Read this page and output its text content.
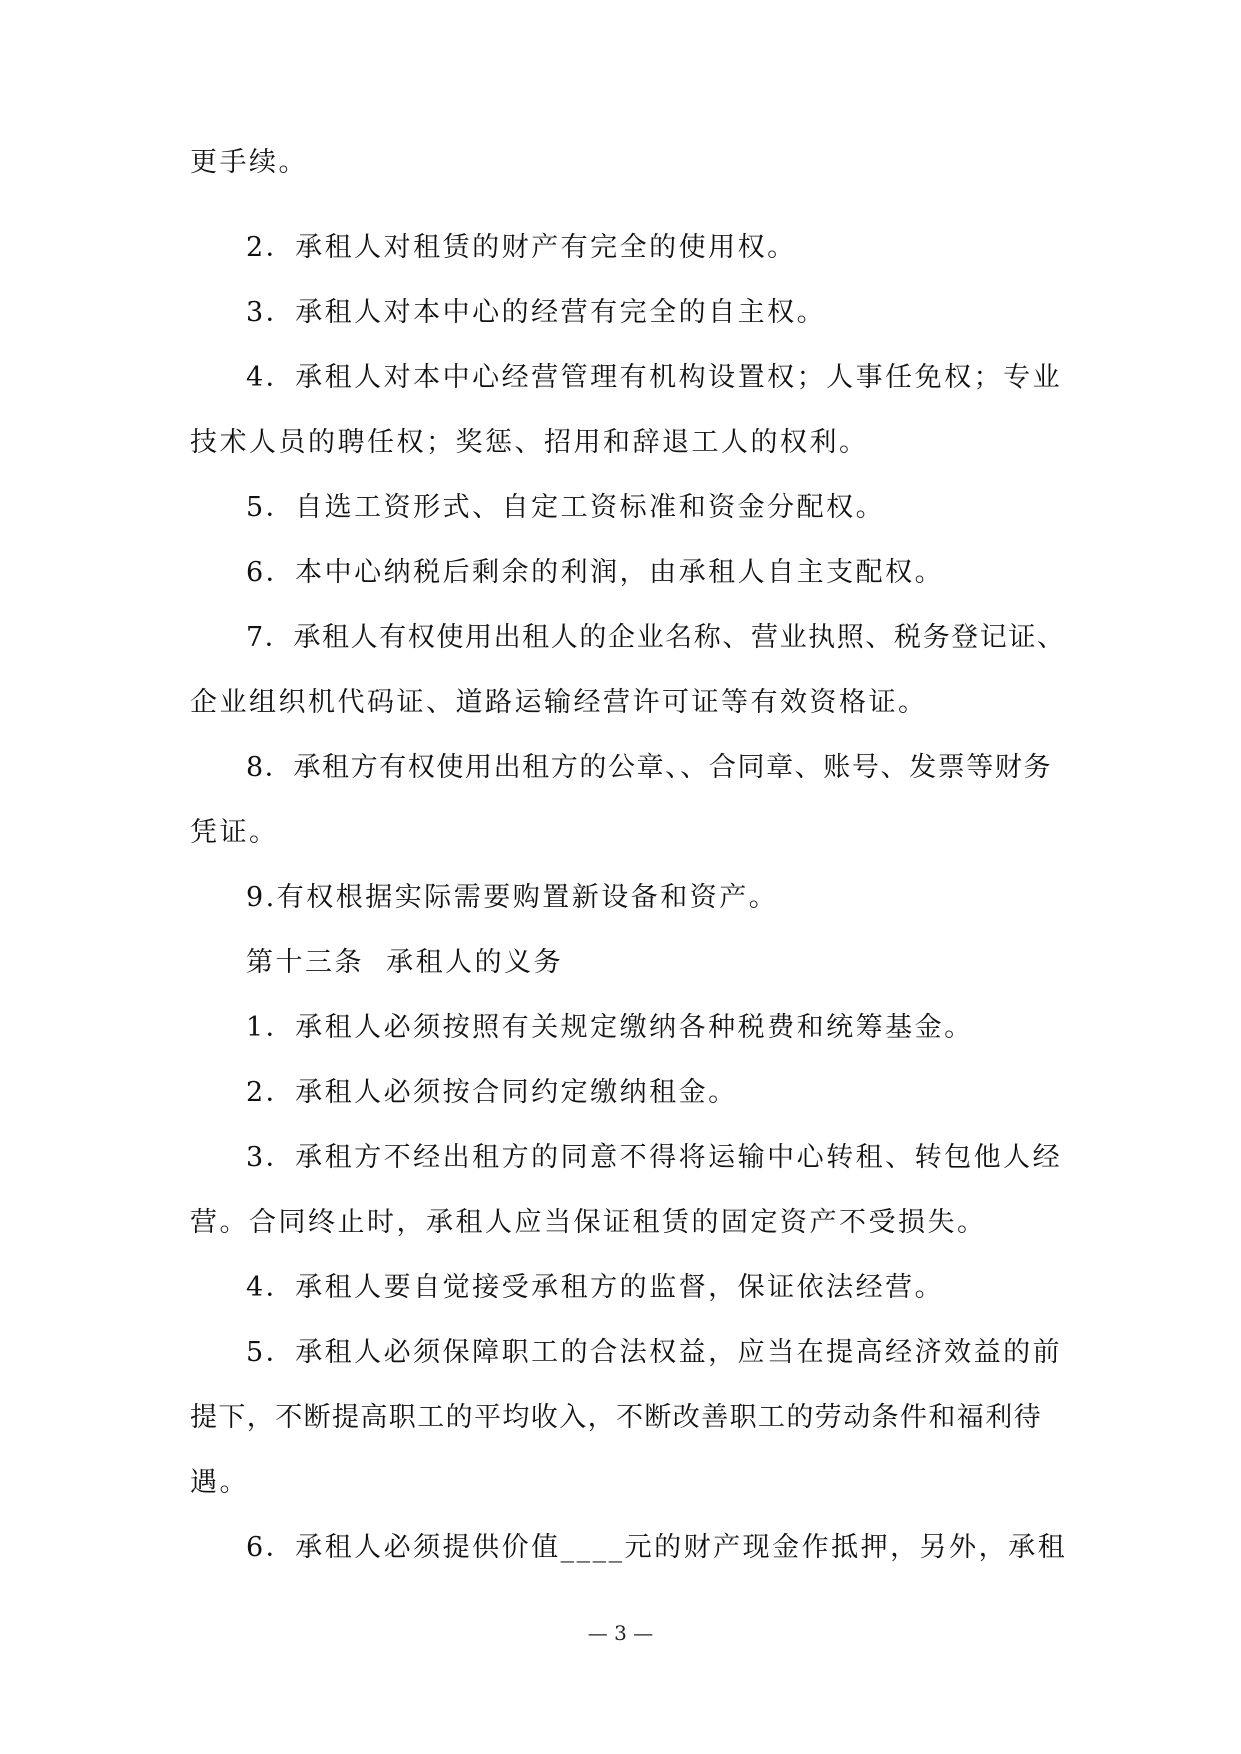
更手续。
2．承租人对租赁的财产有完全的使用权。
3．承租人对本中心的经营有完全的自主权。
4．承租人对本中心经营管理有机构设置权；人事任免权；专业
技术人员的聘任权；奖惩、招用和辞退工人的权利。
5．自选工资形式、自定工资标准和资金分配权。
6．本中心纳税后剩余的利润，由承租人自主支配权。
7．承租人有权使用出租人的企业名称、营业执照、税务登记证、
企业组织机代码证、道路运输经营许可证等有效资格证。
8．承租方有权使用出租方的公章、、合同章、账号、发票等财务
凭证。
9.有权根据实际需要购置新设备和资产。
第十三条  承租人的义务
1．承租人必须按照有关规定缴纳各种税费和统筹基金。
2．承租人必须按合同约定缴纳租金。
3．承租方不经出租方的同意不得将运输中心转租、转包他人经
营。合同终止时，承租人应当保证租赁的固定资产不受损失。
4．承租人要自觉接受承租方的监督，保证依法经营。
5．承租人必须保障职工的合法权益，应当在提高经济效益的前
提下，不断提高职工的平均收入，不断改善职工的劳动条件和福利待
遇。
6．承租人必须提供价值____元的财产现金作抵押，另外，承租
— 3 —
